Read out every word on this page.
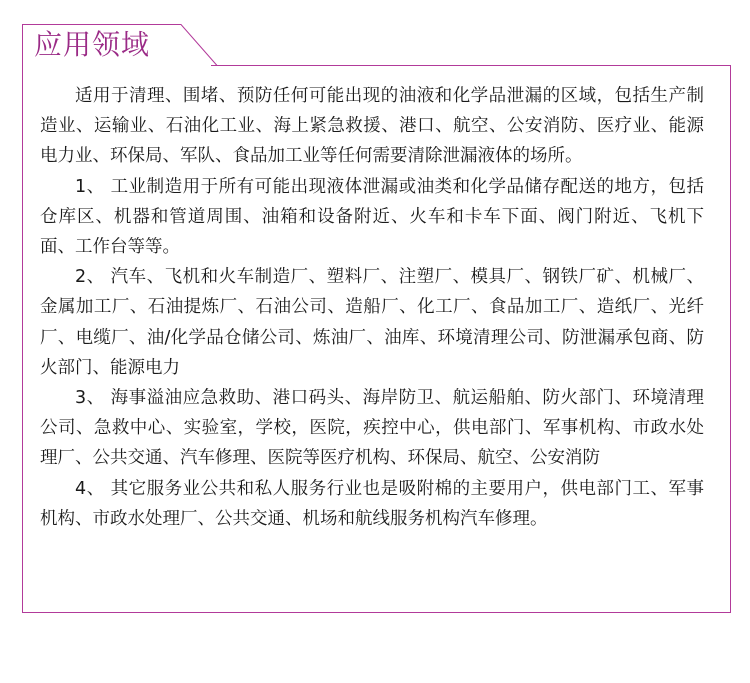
应用领域

适用于清理、围堵、预防任何可能出现的油液和化学品泄漏的区域，包括生产制造业、运输业、石油化工业、海上紧急救援、港口、航空、公安消防、医疗业、能源电力业、环保局、军队、食品加工业等任何需要清除泄漏液体的场所。

1、 工业制造用于所有可能出现液体泄漏或油类和化学品储存配送的地方，包括仓库区、机器和管道周围、油箱和设备附近、火车和卡车下面、阀门附近、飞机下面、工作台等等。

2、 汽车、飞机和火车制造厂、塑料厂、注塑厂、模具厂、钢铁厂矿、机械厂、金属加工厂、石油提炼厂、石油公司、造船厂、化工厂、食品加工厂、造纸厂、光纤厂、电缆厂、油/化学品仓储公司、炼油厂、油库、环境清理公司、防泄漏承包商、防火部门、能源电力

3、 海事溢油应急救助、港口码头、海岸防卫、航运船舶、防火部门、环境清理公司、急救中心、实验室，学校，医院，疾控中心，供电部门、军事机构、市政水处理厂、公共交通、汽车修理、医院等医疗机构、环保局、航空、公安消防

4、 其它服务业公共和私人服务行业也是吸附棉的主要用户，供电部门工、军事机构、市政水处理厂、公共交通、机场和航线服务机构汽车修理。
